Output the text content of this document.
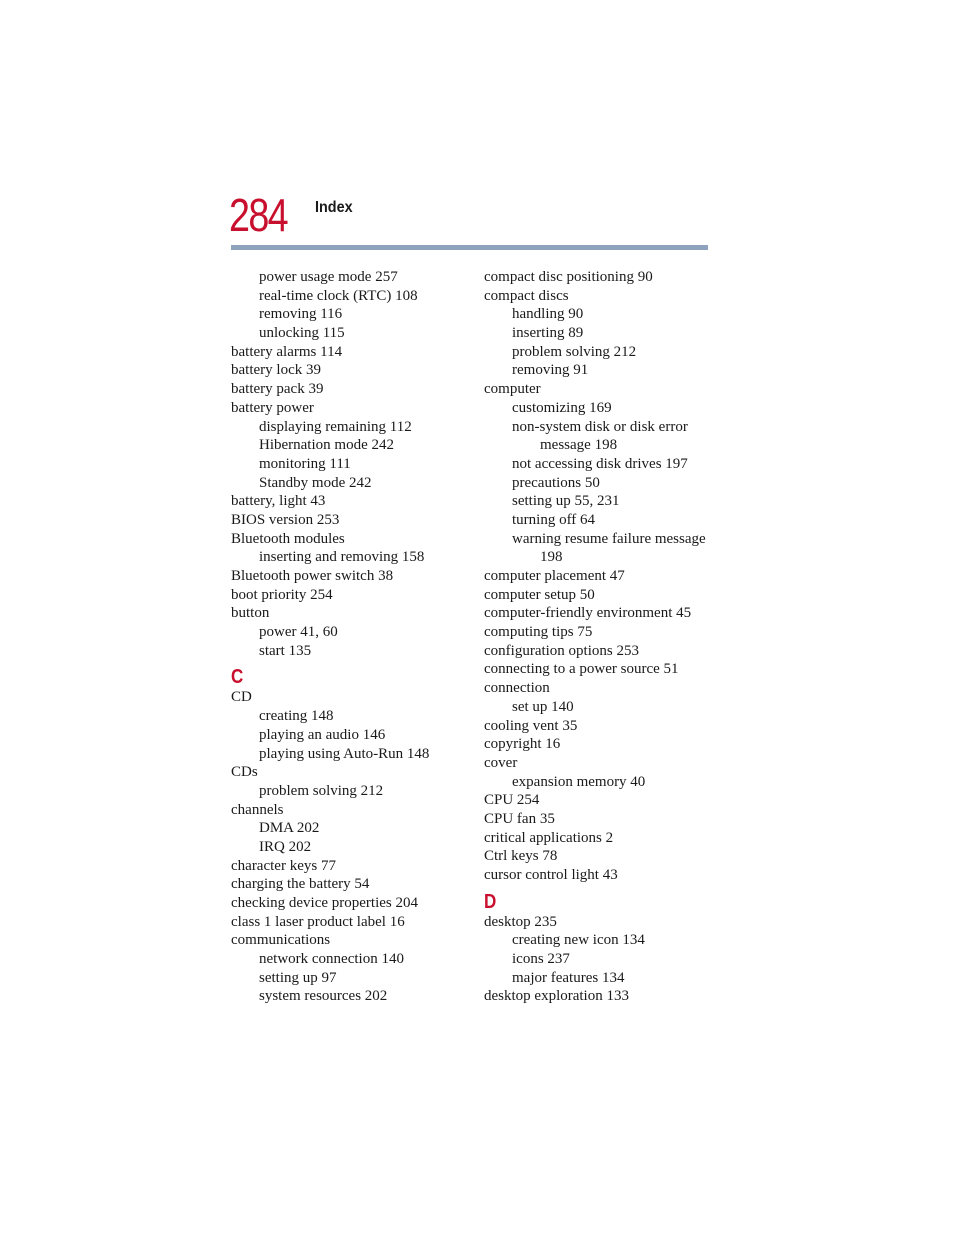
284 Index
power usage mode 257
real-time clock (RTC) 108
removing 116
unlocking 115
battery alarms 114
battery lock 39
battery pack 39
battery power
displaying remaining 112
Hibernation mode 242
monitoring 111
Standby mode 242
battery, light 43
BIOS version 253
Bluetooth modules
inserting and removing 158
Bluetooth power switch 38
boot priority 254
button
power 41, 60
start 135
C
CD
creating 148
playing an audio 146
playing using Auto-Run 148
CDs
problem solving 212
channels
DMA 202
IRQ 202
character keys 77
charging the battery 54
checking device properties 204
class 1 laser product label 16
communications
network connection 140
setting up 97
system resources 202
compact disc positioning 90
compact discs
handling 90
inserting 89
problem solving 212
removing 91
computer
customizing 169
non-system disk or disk error
message 198
not accessing disk drives 197
precautions 50
setting up 55, 231
turning off 64
warning resume failure message
198
computer placement 47
computer setup 50
computer-friendly environment 45
computing tips 75
configuration options 253
connecting to a power source 51
connection
set up 140
cooling vent 35
copyright 16
cover
expansion memory 40
CPU 254
CPU fan 35
critical applications 2
Ctrl keys 78
cursor control light 43
D
desktop 235
creating new icon 134
icons 237
major features 134
desktop exploration 133
